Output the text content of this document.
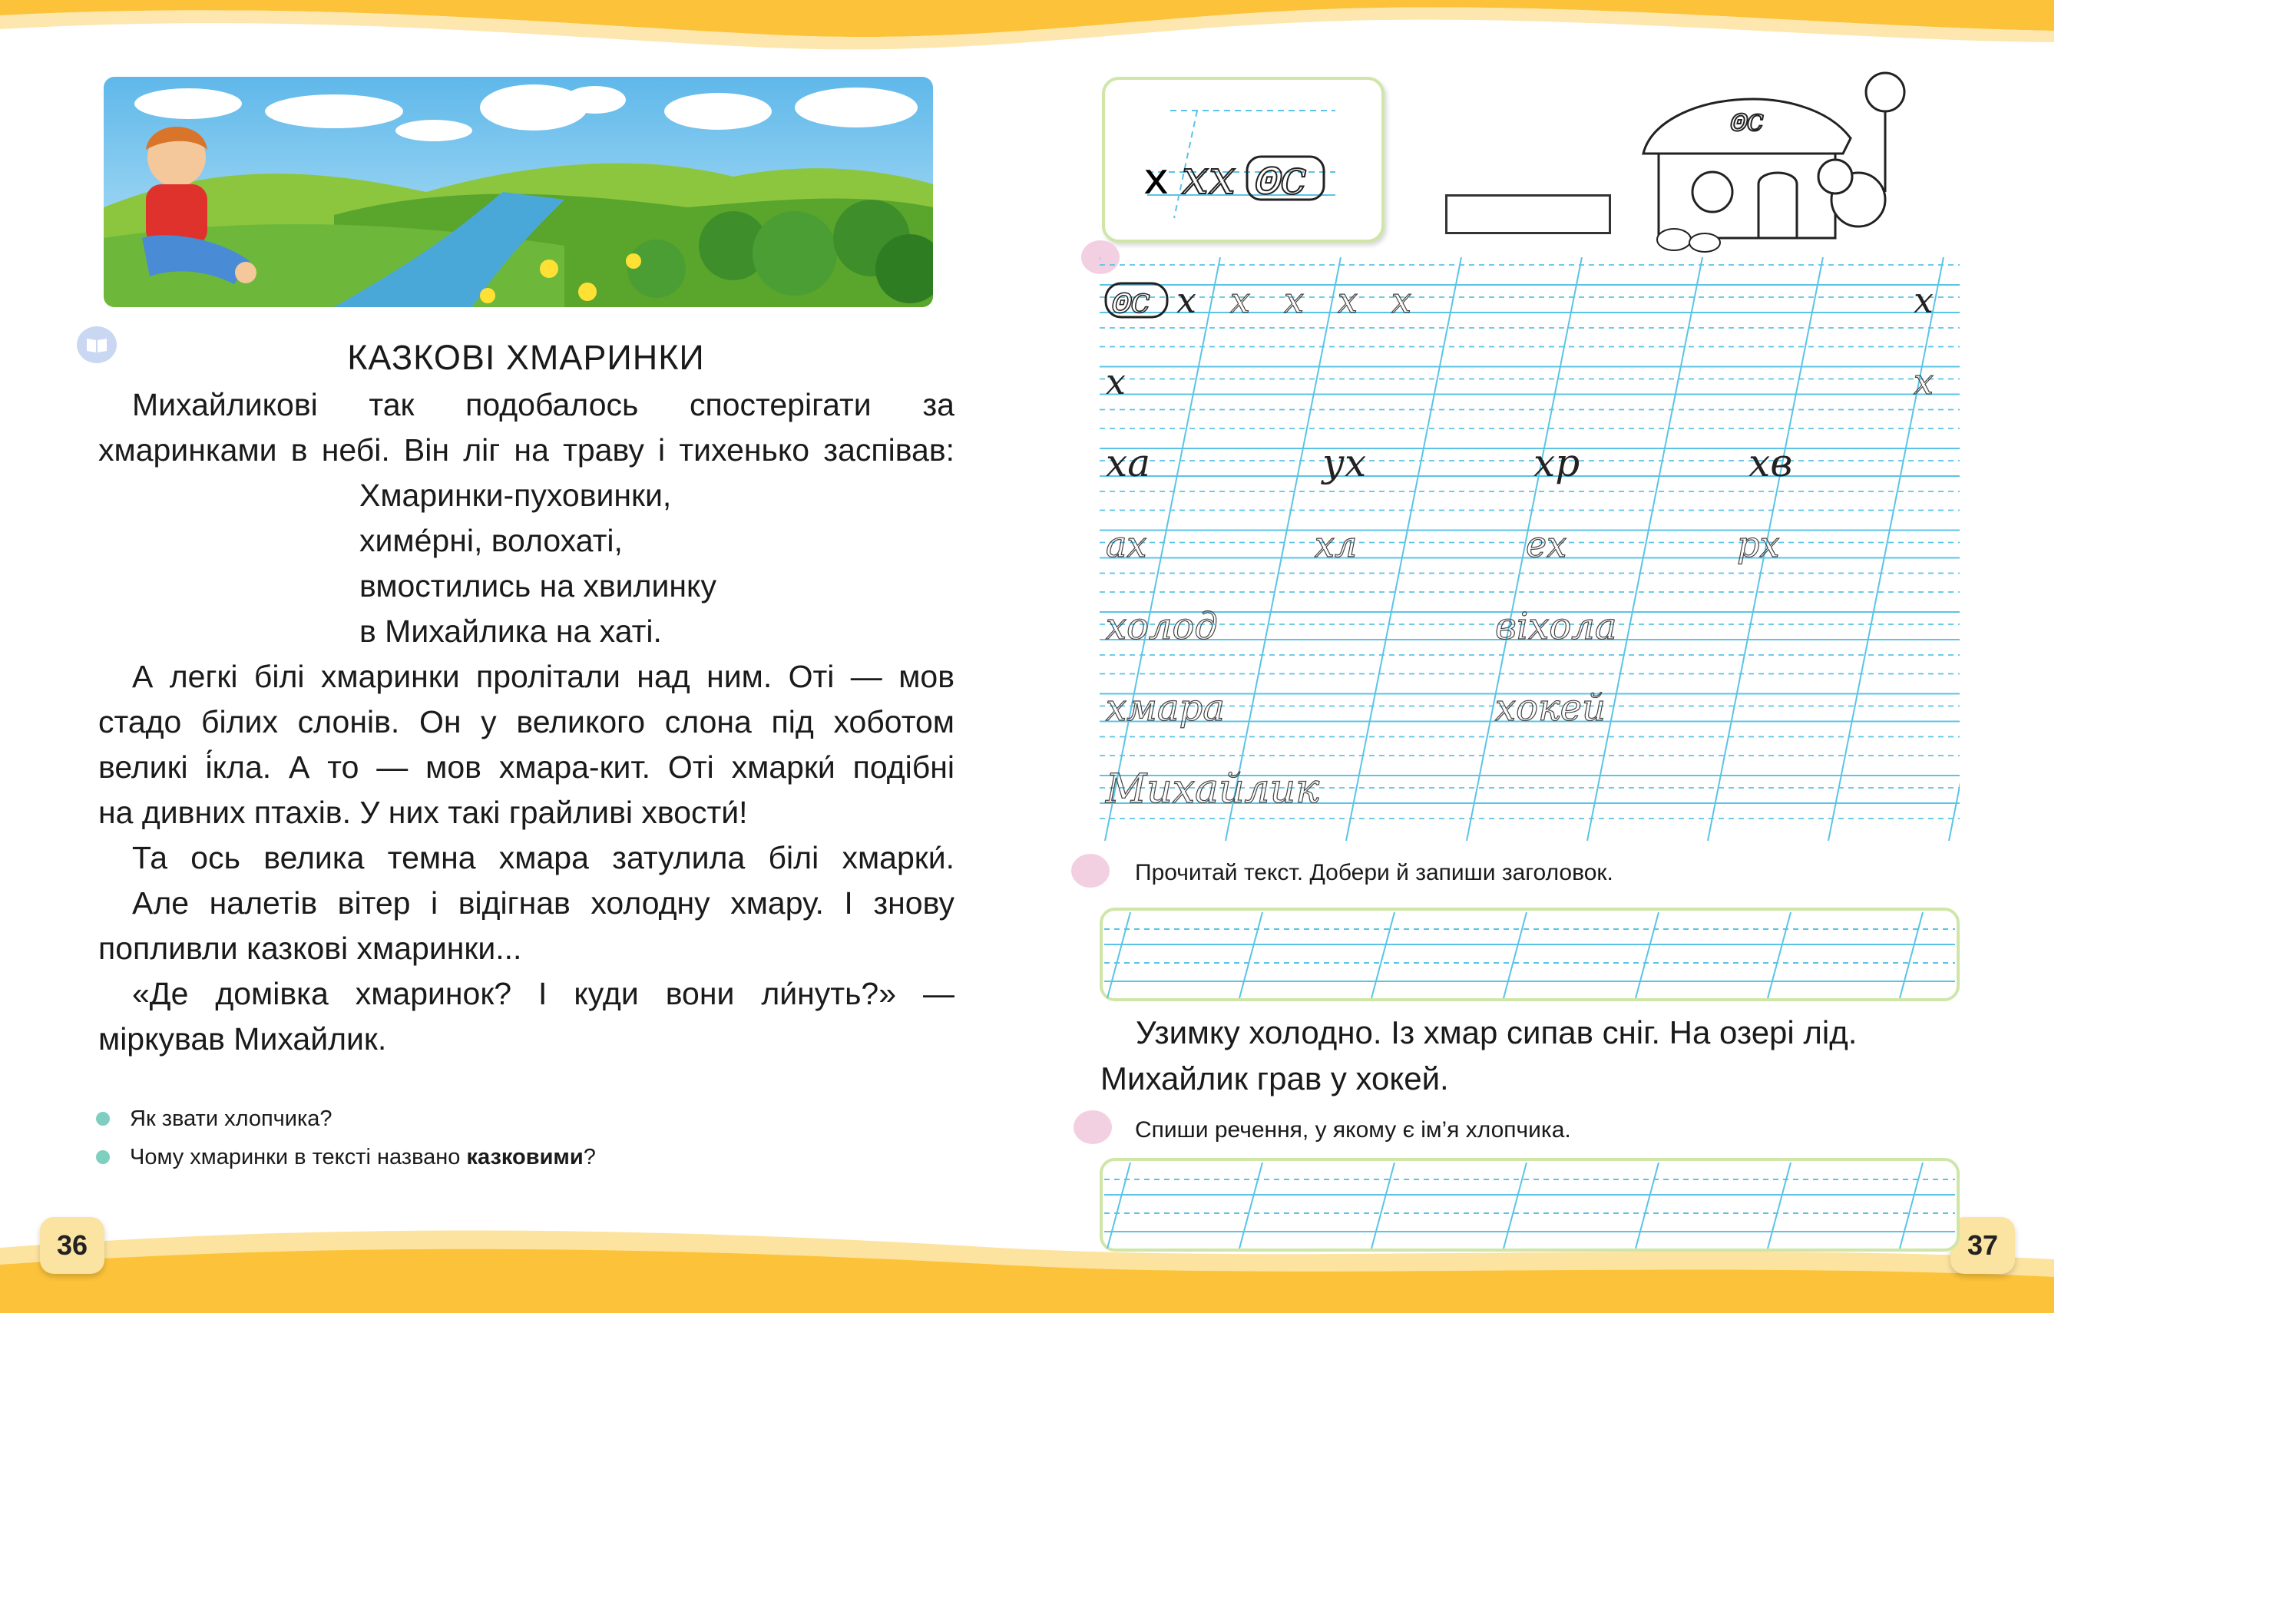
36	37
КАЗКОВІ ХМАРИНКИ

Михайликові так подобалось спостерігати за

хмаринками в небі. Він ліг на траву і тихенько заспівав:

Хмаринки-пуховинки,
химе́рні, волохаті,
вмостились на хвилинку
в Михайлика на хаті.

А легкі білі хмаринки пролітали над ним. Оті — мов

стадо білих слонів. Он у великого слона під хоботом

великі і́кла. А то — мов хмара-кит. Оті хмарки́ подібні

на дивних птахів. У них такі грайливі хвости́!

Та ось велика темна хмара затулила білі хмарки́.

Але налетів вітер і відігнав холодну хмару. І знову

попливли казкові хмаринки...

«Де домівка хмаринок? І куди вони ли́нуть?» —

міркував Михайлик.

Як звати хлопчика?
Чому хмаринки в тексті названо казковими ?
х хх ꙩс
ꙩс
ꙩс х х х х х	х
х	х
ха	ух	хр	хв
ах	хл	ех	рх
холод	віхола
хмара	хокей
Михайлик
Прочитай текст. Добери й запиши заголовок.

Узимку холодно. Із хмар сипав сніг. На озері лід.

Михайлик грав у хокей.

Спиши речення, у якому є ім’я хлопчика.
